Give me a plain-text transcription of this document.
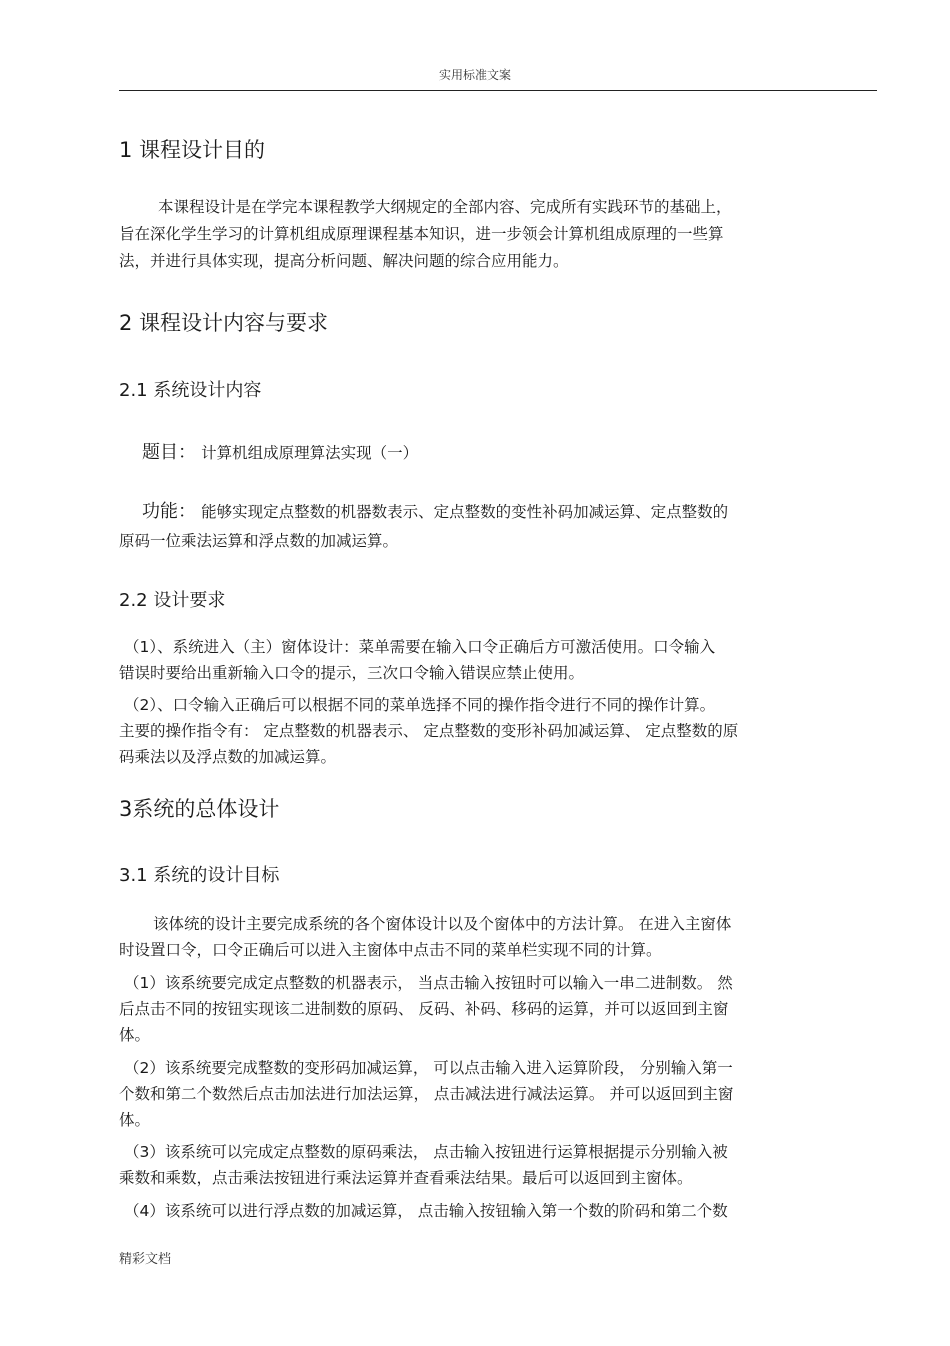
实用标准文案
1 课程设计目的

本课程设计是在学完本课程教学大纲规定的全部内容、完成所有实践环节的基础上，

旨在深化学生学习的计算机组成原理课程基本知识，进一步领会计算机组成原理的一些算

法，并进行具体实现，提高分析问题、解决问题的综合应用能力。

2 课程设计内容与要求
2.1 系统设计内容
题目： 计算机组成原理算法实现（一）
功能： 能够实现定点整数的机器数表示、定点整数的变性补码加减运算、定点整数的

原码一位乘法运算和浮点数的加减运算。

2.2 设计要求

（1）、系统进入（主）窗体设计：菜单需要在输入口令正确后方可激活使用。口令输入

错误时要给出重新输入口令的提示，三次口令输入错误应禁止使用。

（2）、口令输入正确后可以根据不同的菜单选择不同的操作指令进行不同的操作计算。

主要的操作指令有： 定点整数的机器表示、 定点整数的变形补码加减运算、 定点整数的原

码乘法以及浮点数的加减运算。

3系统的总体设计
3.1 系统的设计目标

该体统的设计主要完成系统的各个窗体设计以及个窗体中的方法计算。 在进入主窗体

时设置口令，口令正确后可以进入主窗体中点击不同的菜单栏实现不同的计算。

（1）该系统要完成定点整数的机器表示， 当点击输入按钮时可以输入一串二进制数。 然

后点击不同的按钮实现该二进制数的原码、 反码、补码、移码的运算，并可以返回到主窗

体。

（2）该系统要完成整数的变形码加减运算， 可以点击输入进入运算阶段， 分别输入第一

个数和第二个数然后点击加法进行加法运算， 点击减法进行减法运算。 并可以返回到主窗

体。

（3）该系统可以完成定点整数的原码乘法， 点击输入按钮进行运算根据提示分别输入被

乘数和乘数，点击乘法按钮进行乘法运算并查看乘法结果。最后可以返回到主窗体。

（4）该系统可以进行浮点数的加减运算， 点击输入按钮输入第一个数的阶码和第二个数

精彩文档
